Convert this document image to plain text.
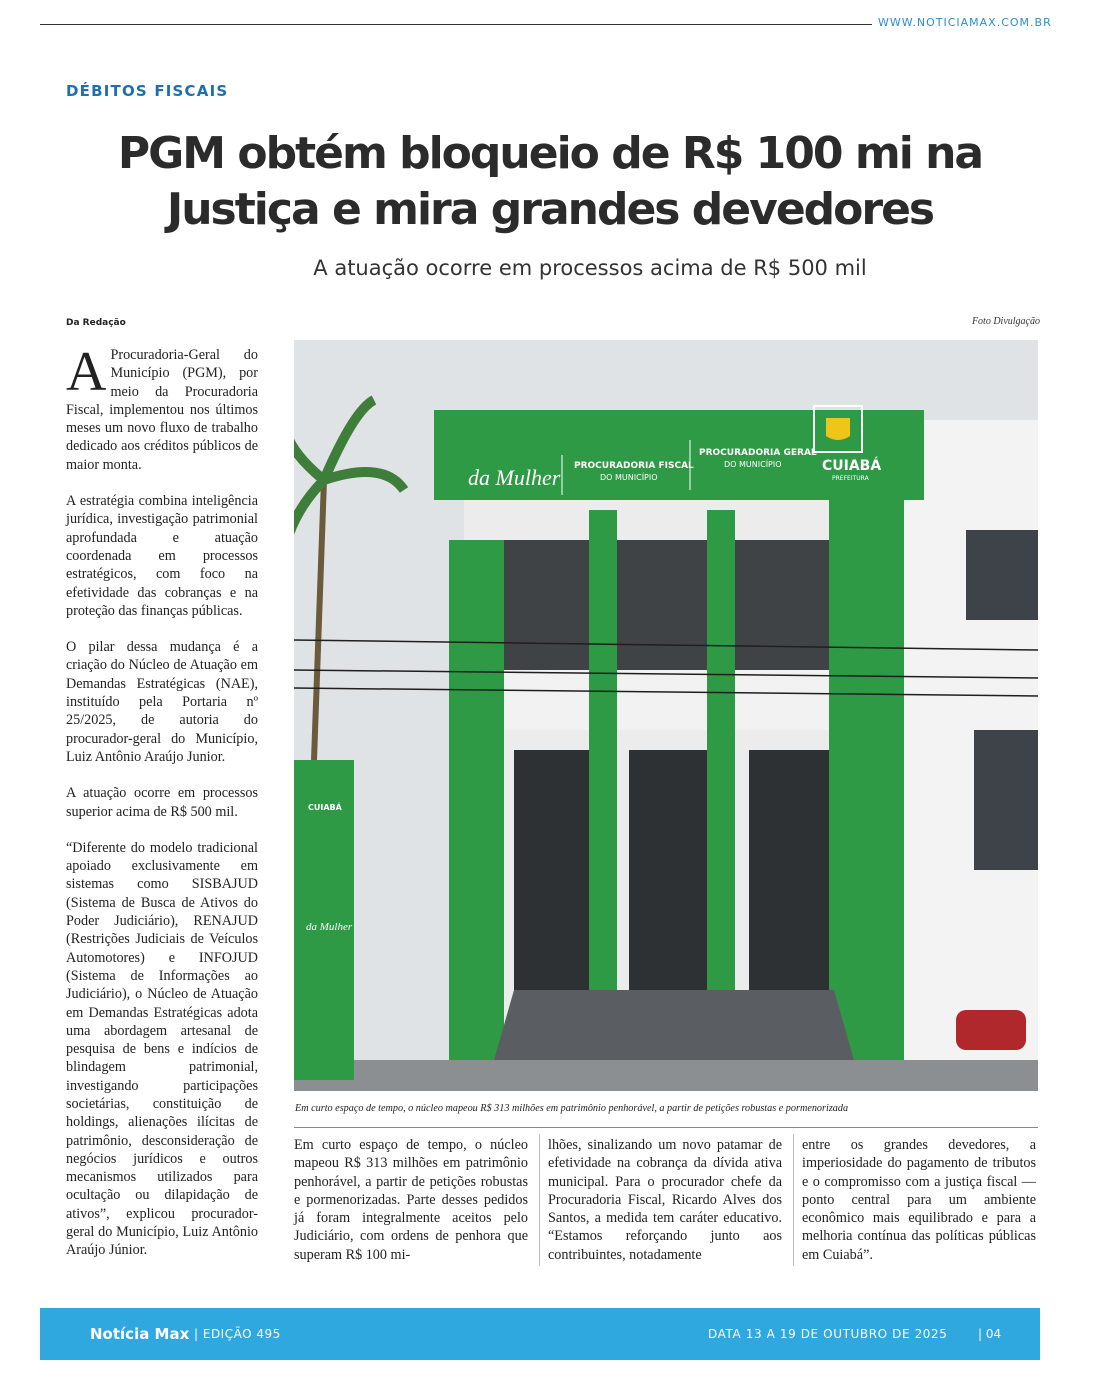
WWW.NOTICIAMAX.COM.BR
DÉBITOS FISCAIS
PGM obtém bloqueio de R$ 100 mi na
Justiça e mira grandes devedores
A atuação ocorre em processos acima de R$ 500 mil
Da Redação	Foto Divulgação

A Procuradoria-Geral do Município (PGM), por meio da Procuradoria Fiscal, implementou nos últimos meses um novo fluxo de trabalho dedicado aos créditos públicos de maior monta.

A estratégia combina inteligência jurídica, investigação patrimonial aprofundada e atuação coordenada em processos estratégicos, com foco na efetividade das cobranças e na proteção das finanças públicas.

O pilar dessa mudança é a criação do Núcleo de Atuação em Demandas Estratégicas (NAE), instituído pela Portaria nº 25/2025, de autoria do procurador-geral do Município, Luiz Antônio Araújo Junior.

A atuação ocorre em processos superior acima de R$ 500 mil.

“Diferente do modelo tradicional apoiado exclusivamente em sistemas como SISBAJUD (Sistema de Busca de Ativos do Poder Judiciário), RENAJUD (Restrições Judiciais de Veículos Automotores) e INFOJUD (Sistema de Informações ao Judiciário), o Núcleo de Atuação em Demandas Estratégicas adota uma abordagem artesanal de pesquisa de bens e indícios de blindagem patrimonial, investigando participações societárias, constituição de holdings, alienações ilícitas de patrimônio, desconsideração de negócios jurídicos e outros mecanismos utilizados para ocultação ou dilapidação de ativos”, explicou procurador-geral do Município, Luiz Antônio Araújo Júnior.

da Mulher PROCURADORIA FISCAL
DO MUNICÍPIO
PROCURADORIA GERAL
DO MUNICÍPIO	CUIABÁ
PREFEITURA
CUIABÁ
da Mulher
Em curto espaço de tempo, o núcleo mapeou R$ 313 milhões em patrimônio penhorável, a partir de petições robustas e pormenorizada

Em curto espaço de tempo, o núcleo mapeou R$ 313 milhões em patrimônio penhorável, a partir de petições robustas e pormenorizadas. Parte desses pedidos já foram integralmente aceitos pelo Judiciário, com ordens de penhora que superam R$ 100 mi-

lhões, sinalizando um novo patamar de efetividade na cobrança da dívida ativa municipal. Para o procurador chefe da Procuradoria Fiscal, Ricardo Alves dos Santos, a medida tem caráter educativo. “Estamos reforçando junto aos contribuintes, notadamente

entre os grandes devedores, a imperiosidade do pagamento de tributos e o compromisso com a justiça fiscal — ponto central para um ambiente econômico mais equilibrado e para a melhoria contínua das políticas públicas em Cuiabá”.

Notícia Max | EDIÇÃO 495	DATA 13 A 19 DE OUTUBRO DE 2025	| 04
